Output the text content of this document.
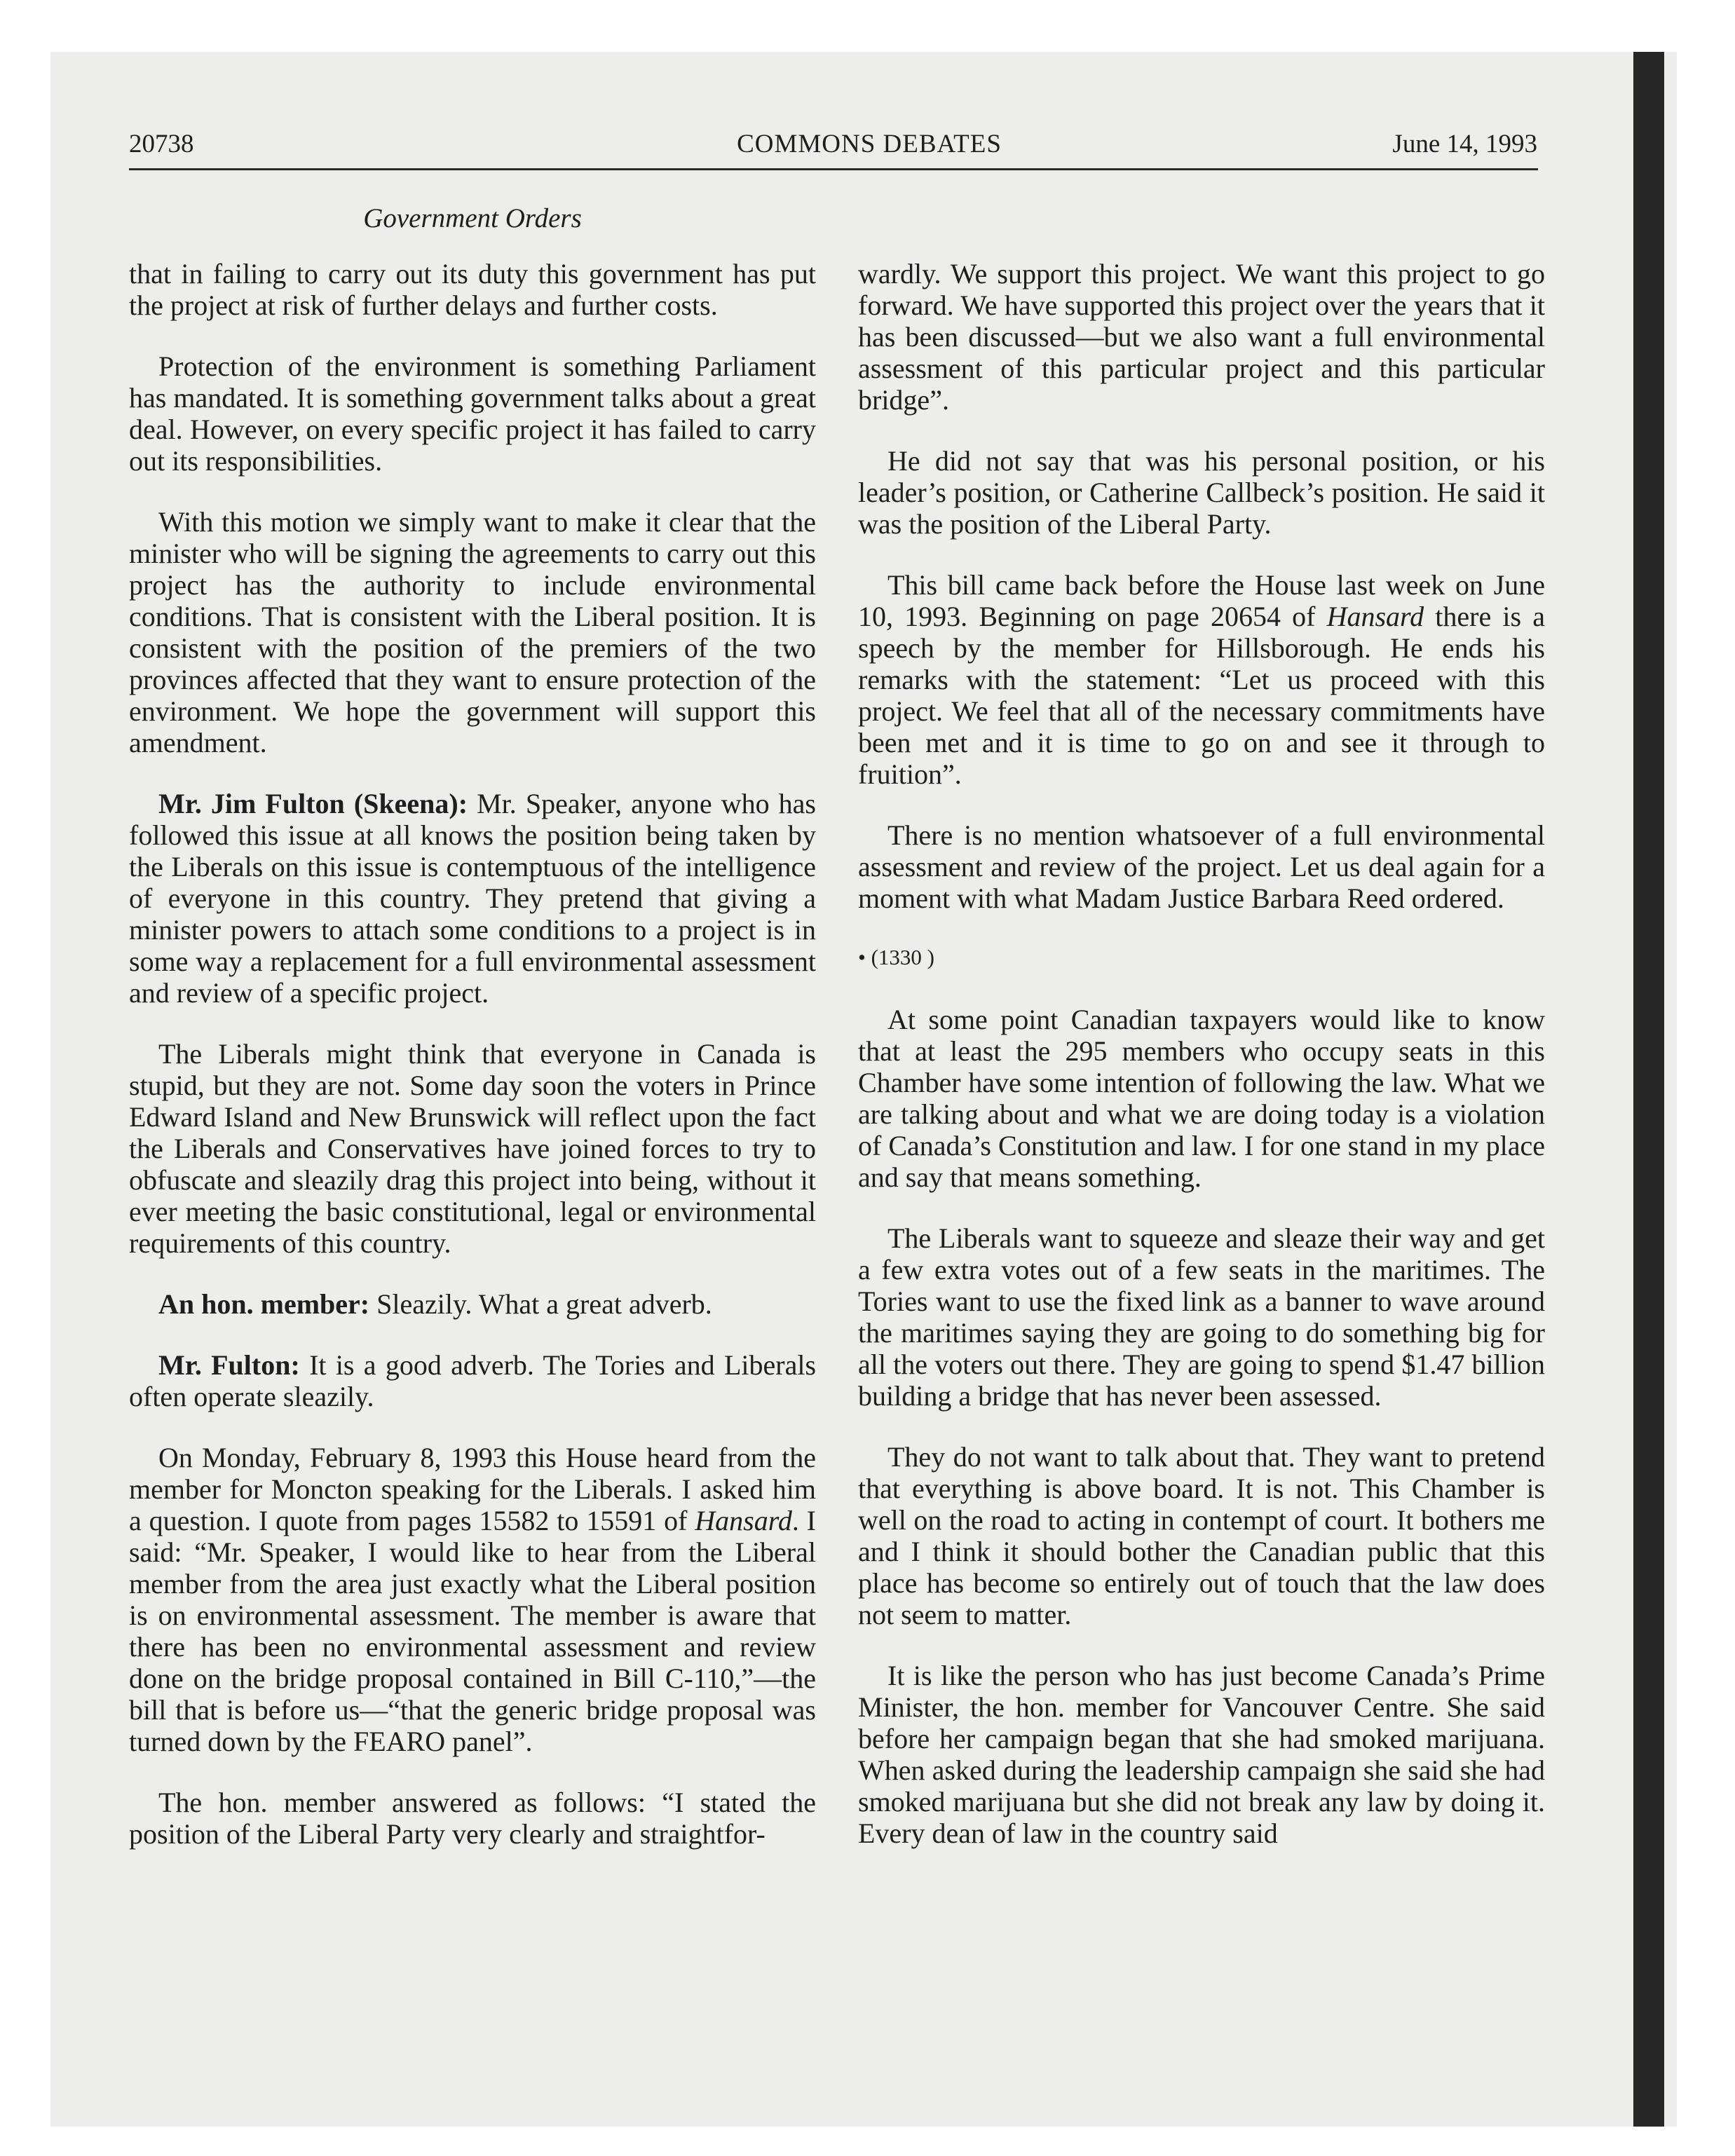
20738	COMMONS DEBATES	June 14, 1993
Government Orders

that in failing to carry out its duty this government has put the project at risk of further delays and further costs.

Protection of the environment is something Parliament has mandated. It is something government talks about a great deal. However, on every specific project it has failed to carry out its responsibilities.

With this motion we simply want to make it clear that the minister who will be signing the agreements to carry out this project has the authority to include environmental conditions. That is consistent with the Liberal position. It is consistent with the position of the premiers of the two provinces affected that they want to ensure protection of the environment. We hope the government will support this amendment.

Mr. Jim Fulton (Skeena): Mr. Speaker, anyone who has followed this issue at all knows the position being taken by the Liberals on this issue is contemptuous of the intelligence of everyone in this country. They pretend that giving a minister powers to attach some conditions to a project is in some way a replacement for a full environmental assessment and review of a specific project.

The Liberals might think that everyone in Canada is stupid, but they are not. Some day soon the voters in Prince Edward Island and New Brunswick will reflect upon the fact the Liberals and Conservatives have joined forces to try to obfuscate and sleazily drag this project into being, without it ever meeting the basic constitutional, legal or environmental requirements of this country.

An hon. member: Sleazily. What a great adverb.

Mr. Fulton: It is a good adverb. The Tories and Liberals often operate sleazily.

On Monday, February 8, 1993 this House heard from the member for Moncton speaking for the Liberals. I asked him a question. I quote from pages 15582 to 15591 of Hansard. I said: “Mr. Speaker, I would like to hear from the Liberal member from the area just exactly what the Liberal position is on environmental assessment. The member is aware that there has been no environmental assessment and review done on the bridge proposal contained in Bill C-110,”—the bill that is before us—“that the generic bridge proposal was turned down by the FEARO panel”.

The hon. member answered as follows: “I stated the position of the Liberal Party very clearly and straightfor-

wardly. We support this project. We want this project to go forward. We have supported this project over the years that it has been discussed—but we also want a full environmental assessment of this particular project and this particular bridge”.

He did not say that was his personal position, or his leader’s position, or Catherine Callbeck’s position. He said it was the position of the Liberal Party.

This bill came back before the House last week on June 10, 1993. Beginning on page 20654 of Hansard there is a speech by the member for Hillsborough. He ends his remarks with the statement: “Let us proceed with this project. We feel that all of the necessary commitments have been met and it is time to go on and see it through to fruition”.

There is no mention whatsoever of a full environmental assessment and review of the project. Let us deal again for a moment with what Madam Justice Barbara Reed ordered.

• (1330 )

At some point Canadian taxpayers would like to know that at least the 295 members who occupy seats in this Chamber have some intention of following the law. What we are talking about and what we are doing today is a violation of Canada’s Constitution and law. I for one stand in my place and say that means something.

The Liberals want to squeeze and sleaze their way and get a few extra votes out of a few seats in the maritimes. The Tories want to use the fixed link as a banner to wave around the maritimes saying they are going to do something big for all the voters out there. They are going to spend $1.47 billion building a bridge that has never been assessed.

They do not want to talk about that. They want to pretend that everything is above board. It is not. This Chamber is well on the road to acting in contempt of court. It bothers me and I think it should bother the Canadian public that this place has become so entirely out of touch that the law does not seem to matter.

It is like the person who has just become Canada’s Prime Minister, the hon. member for Vancouver Centre. She said before her campaign began that she had smoked marijuana. When asked during the leadership campaign she said she had smoked marijuana but she did not break any law by doing it. Every dean of law in the country said
